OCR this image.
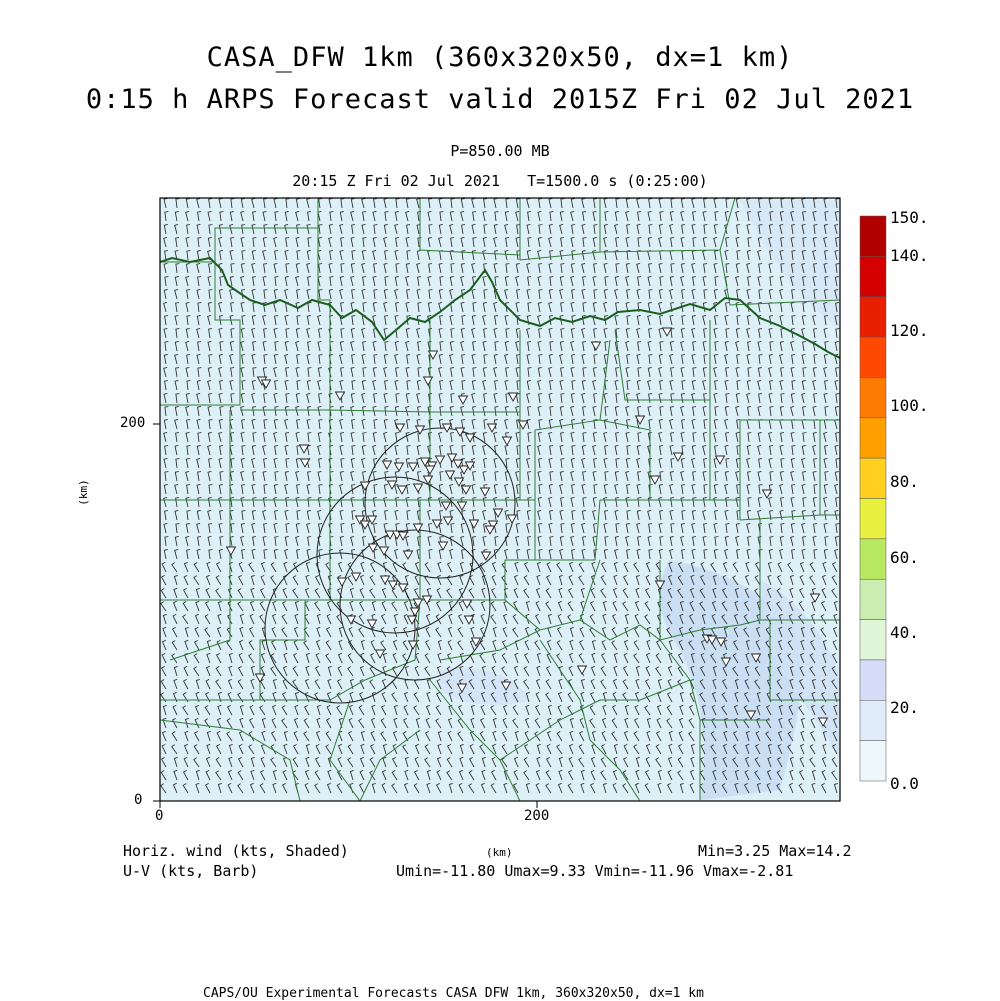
CASA_DFW 1km (360x320x50, dx=1 km)
0:15 h ARPS Forecast valid 2015Z Fri 02 Jul 2021
P=850.00 MB
20:15 Z Fri 02 Jul 2021   T=1500.0 s (0:25:00)
0
200
0	200
(km)
150.
140.
120.
100.
80.
60.
40.
20.
0.0
Horiz. wind (kts, Shaded)
U-V (kts, Barb)
(km)	Min=3.25 Max=14.2
Umin=-11.80 Umax=9.33 Vmin=-11.96 Vmax=-2.81
CAPS/OU Experimental Forecasts CASA DFW 1km, 360x320x50, dx=1 km
